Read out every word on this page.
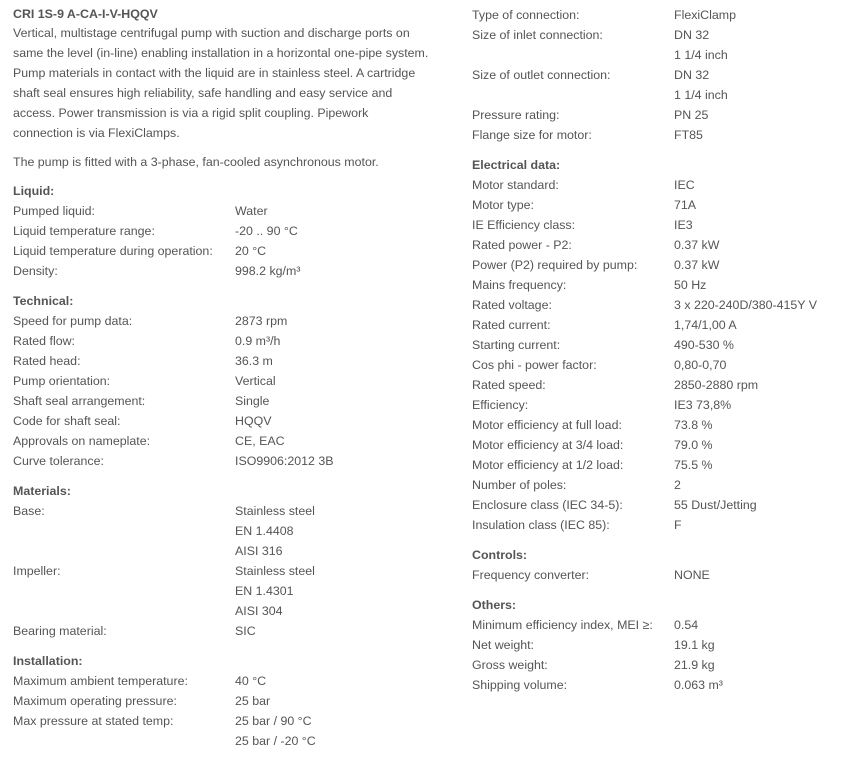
CRI 1S-9 A-CA-I-V-HQQV
Vertical, multistage centrifugal pump with suction and discharge ports on
same the level (in-line) enabling installation in a horizontal one-pipe system.
Pump materials in contact with the liquid are in stainless steel. A cartridge
shaft seal ensures high reliability, safe handling and easy service and
access. Power transmission is via a rigid split coupling. Pipework
connection is via FlexiClamps.
The pump is fitted with a 3-phase, fan-cooled asynchronous motor.
Liquid:
Pumped liquid:	Water
Liquid temperature range:	-20 .. 90 °C
Liquid temperature during operation:	20 °C
Density:	998.2 kg/m³
Technical:
Speed for pump data:	2873 rpm
Rated flow:	0.9 m³/h
Rated head:	36.3 m
Pump orientation:	Vertical
Shaft seal arrangement:	Single
Code for shaft seal:	HQQV
Approvals on nameplate:	CE, EAC
Curve tolerance:	ISO9906:2012 3B
Materials:
Base:	Stainless steel
EN 1.4408
AISI 316
Impeller:	Stainless steel
EN 1.4301
AISI 304
Bearing material:	SIC
Installation:
Maximum ambient temperature:	40 °C
Maximum operating pressure:	25 bar
Max pressure at stated temp:	25 bar / 90 °C
25 bar / -20 °C
Type of connection:	FlexiClamp
Size of inlet connection:	DN 32
1 1/4 inch
Size of outlet connection:	DN 32
1 1/4 inch
Pressure rating:	PN 25
Flange size for motor:	FT85
Electrical data:
Motor standard:	IEC
Motor type:	71A
IE Efficiency class:	IE3
Rated power - P2:	0.37 kW
Power (P2) required by pump:	0.37 kW
Mains frequency:	50 Hz
Rated voltage:	3 x 220-240D/380-415Y V
Rated current:	1,74/1,00 A
Starting current:	490-530 %
Cos phi - power factor:	0,80-0,70
Rated speed:	2850-2880 rpm
Efficiency:	IE3 73,8%
Motor efficiency at full load:	73.8 %
Motor efficiency at 3/4 load:	79.0 %
Motor efficiency at 1/2 load:	75.5 %
Number of poles:	2
Enclosure class (IEC 34-5):	55 Dust/Jetting
Insulation class (IEC 85):	F
Controls:
Frequency converter:	NONE
Others:
Minimum efficiency index, MEI ≥:	0.54
Net weight:	19.1 kg
Gross weight:	21.9 kg
Shipping volume:	0.063 m³
